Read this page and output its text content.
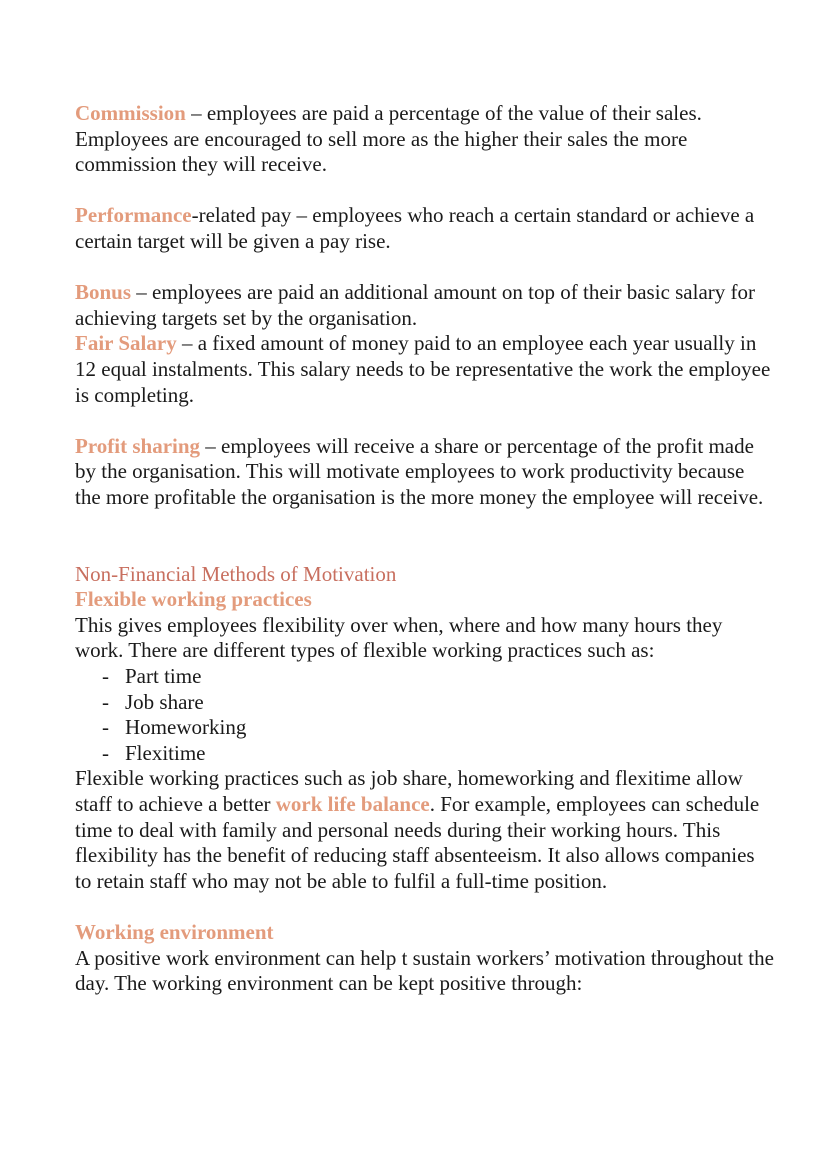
Commission – employees are paid a percentage of the value of their sales. Employees are encouraged to sell more as the higher their sales the more commission they will receive.

Performance-related pay – employees who reach a certain standard or achieve a certain target will be given a pay rise.

Bonus – employees are paid an additional amount on top of their basic salary for achieving targets set by the organisation.

Fair Salary – a fixed amount of money paid to an employee each year usually in 12 equal instalments. This salary needs to be representative the work the employee is completing.

Profit sharing – employees will receive a share or percentage of the profit made by the organisation. This will motivate employees to work productivity because the more profitable the organisation is the more money the employee will receive.

Non-Financial Methods of Motivation

Flexible working practices

This gives employees flexibility over when, where and how many hours they work. There are different types of flexible working practices such as:

- Part time
- Job share
- Homeworking
- Flexitime

Flexible working practices such as job share, homeworking and flexitime allow staff to achieve a better work life balance. For example, employees can schedule time to deal with family and personal needs during their working hours. This flexibility has the benefit of reducing staff absenteeism. It also allows companies to retain staff who may not be able to fulfil a full-time position.

Working environment

A positive work environment can help t sustain workers’ motivation throughout the day. The working environment can be kept positive through:
